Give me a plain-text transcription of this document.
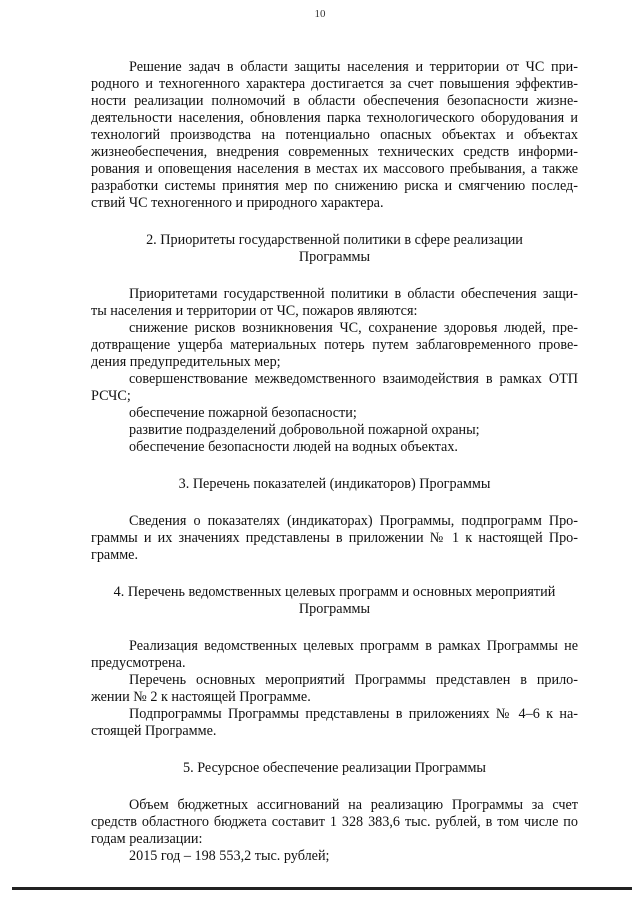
10
Решение задач в области защиты населения и территории от ЧС при-
родного и техногенного характера достигается за счет повышения эффектив-
ности реализации полномочий в области обеспечения безопасности жизне-
деятельности населения, обновления парка технологического оборудования и
технологий производства на потенциально опасных объектах и объектах
жизнеобеспечения, внедрения современных технических средств информи-
рования и оповещения населения в местах их массового пребывания, а также
разработки системы принятия мер по снижению риска и смягчению послед-
ствий ЧС техногенного и природного характера.
2. Приоритеты государственной политики в сфере реализации
Программы
Приоритетами государственной политики в области обеспечения защи-
ты населения и территории от ЧС, пожаров являются:
снижение рисков возникновения ЧС, сохранение здоровья людей, пре-
дотвращение ущерба материальных потерь путем заблаговременного прове-
дения предупредительных мер;
совершенствование межведомственного взаимодействия в рамках ОТП
РСЧС;
обеспечение пожарной безопасности;
развитие подразделений добровольной пожарной охраны;
обеспечение безопасности людей на водных объектах.
3. Перечень показателей (индикаторов) Программы
Сведения о показателях (индикаторах) Программы, подпрограмм Про-
граммы и их значениях представлены в приложении № 1 к настоящей Про-
грамме.
4. Перечень ведомственных целевых программ и основных мероприятий
Программы
Реализация ведомственных целевых программ в рамках Программы не
предусмотрена.
Перечень основных мероприятий Программы представлен в прило-
жении № 2 к настоящей Программе.
Подпрограммы Программы представлены в приложениях № 4–6 к на-
стоящей Программе.
5. Ресурсное обеспечение реализации Программы
Объем бюджетных ассигнований на реализацию Программы за счет
средств областного бюджета составит 1 328 383,6 тыс. рублей, в том числе по
годам реализации:
2015 год – 198 553,2 тыс. рублей;
